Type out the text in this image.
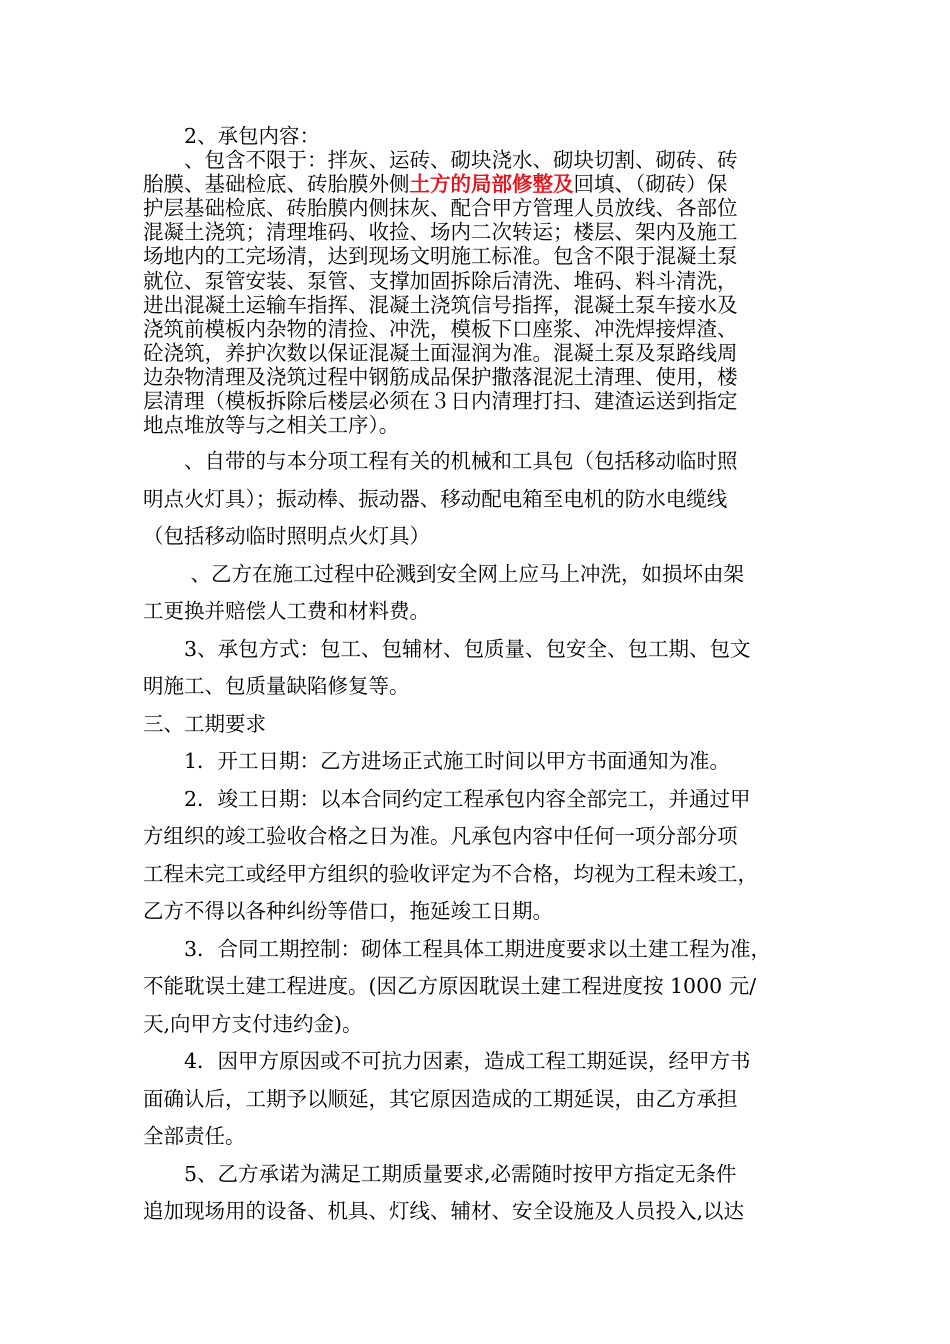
　　2、承包内容：
　　、包含不限于：拌灰、运砖、砌块浇水、砌块切割、砌砖、砖
胎膜、基础检底、砖胎膜外侧土方的局部修整及回填、（砌砖）保
护层基础检底、砖胎膜内侧抹灰、配合甲方管理人员放线、各部位
混凝土浇筑；清理堆码、收捡、场内二次转运；楼层、架内及施工
场地内的工完场清，达到现场文明施工标准。包含不限于混凝土泵
就位、泵管安装、泵管、支撑加固拆除后清洗、堆码、料斗清洗，
进出混凝土运输车指挥、混凝土浇筑信号指挥，混凝土泵车接水及
浇筑前模板内杂物的清捡、冲洗，模板下口座浆、冲洗焊接焊渣、
砼浇筑，养护次数以保证混凝土面湿润为准。混凝土泵及泵路线周
边杂物清理及浇筑过程中钢筋成品保护撒落混泥土清理、使用，楼
层清理（模板拆除后楼层必须在３日内清理打扫、建渣运送到指定
地点堆放等与之相关工序）。
　　、自带的与本分项工程有关的机械和工具包（包括移动临时照
明点火灯具）；振动棒、振动器、移动配电箱至电机的防水电缆线
（包括移动临时照明点火灯具）
　　 、乙方在施工过程中砼溅到安全网上应马上冲洗，如损坏由架
工更换并赔偿人工费和材料费。
　　3、承包方式：包工、包辅材、包质量、包安全、包工期、包文
明施工、包质量缺陷修复等。
三、工期要求
　　1．开工日期：乙方进场正式施工时间以甲方书面通知为准。
　　2．竣工日期：以本合同约定工程承包内容全部完工，并通过甲
方组织的竣工验收合格之日为准。凡承包内容中任何一项分部分项
工程未完工或经甲方组织的验收评定为不合格，均视为工程未竣工，
乙方不得以各种纠纷等借口，拖延竣工日期。
　　3．合同工期控制：砌体工程具体工期进度要求以土建工程为准，
不能耽误土建工程进度。(因乙方原因耽误土建工程进度按 1000 元/
天,向甲方支付违约金)。
　　4．因甲方原因或不可抗力因素，造成工程工期延误，经甲方书
面确认后，工期予以顺延，其它原因造成的工期延误，由乙方承担
全部责任。
　　5、乙方承诺为满足工期质量要求,必需随时按甲方指定无条件
追加现场用的设备、机具、灯线、辅材、安全设施及人员投入,以达
